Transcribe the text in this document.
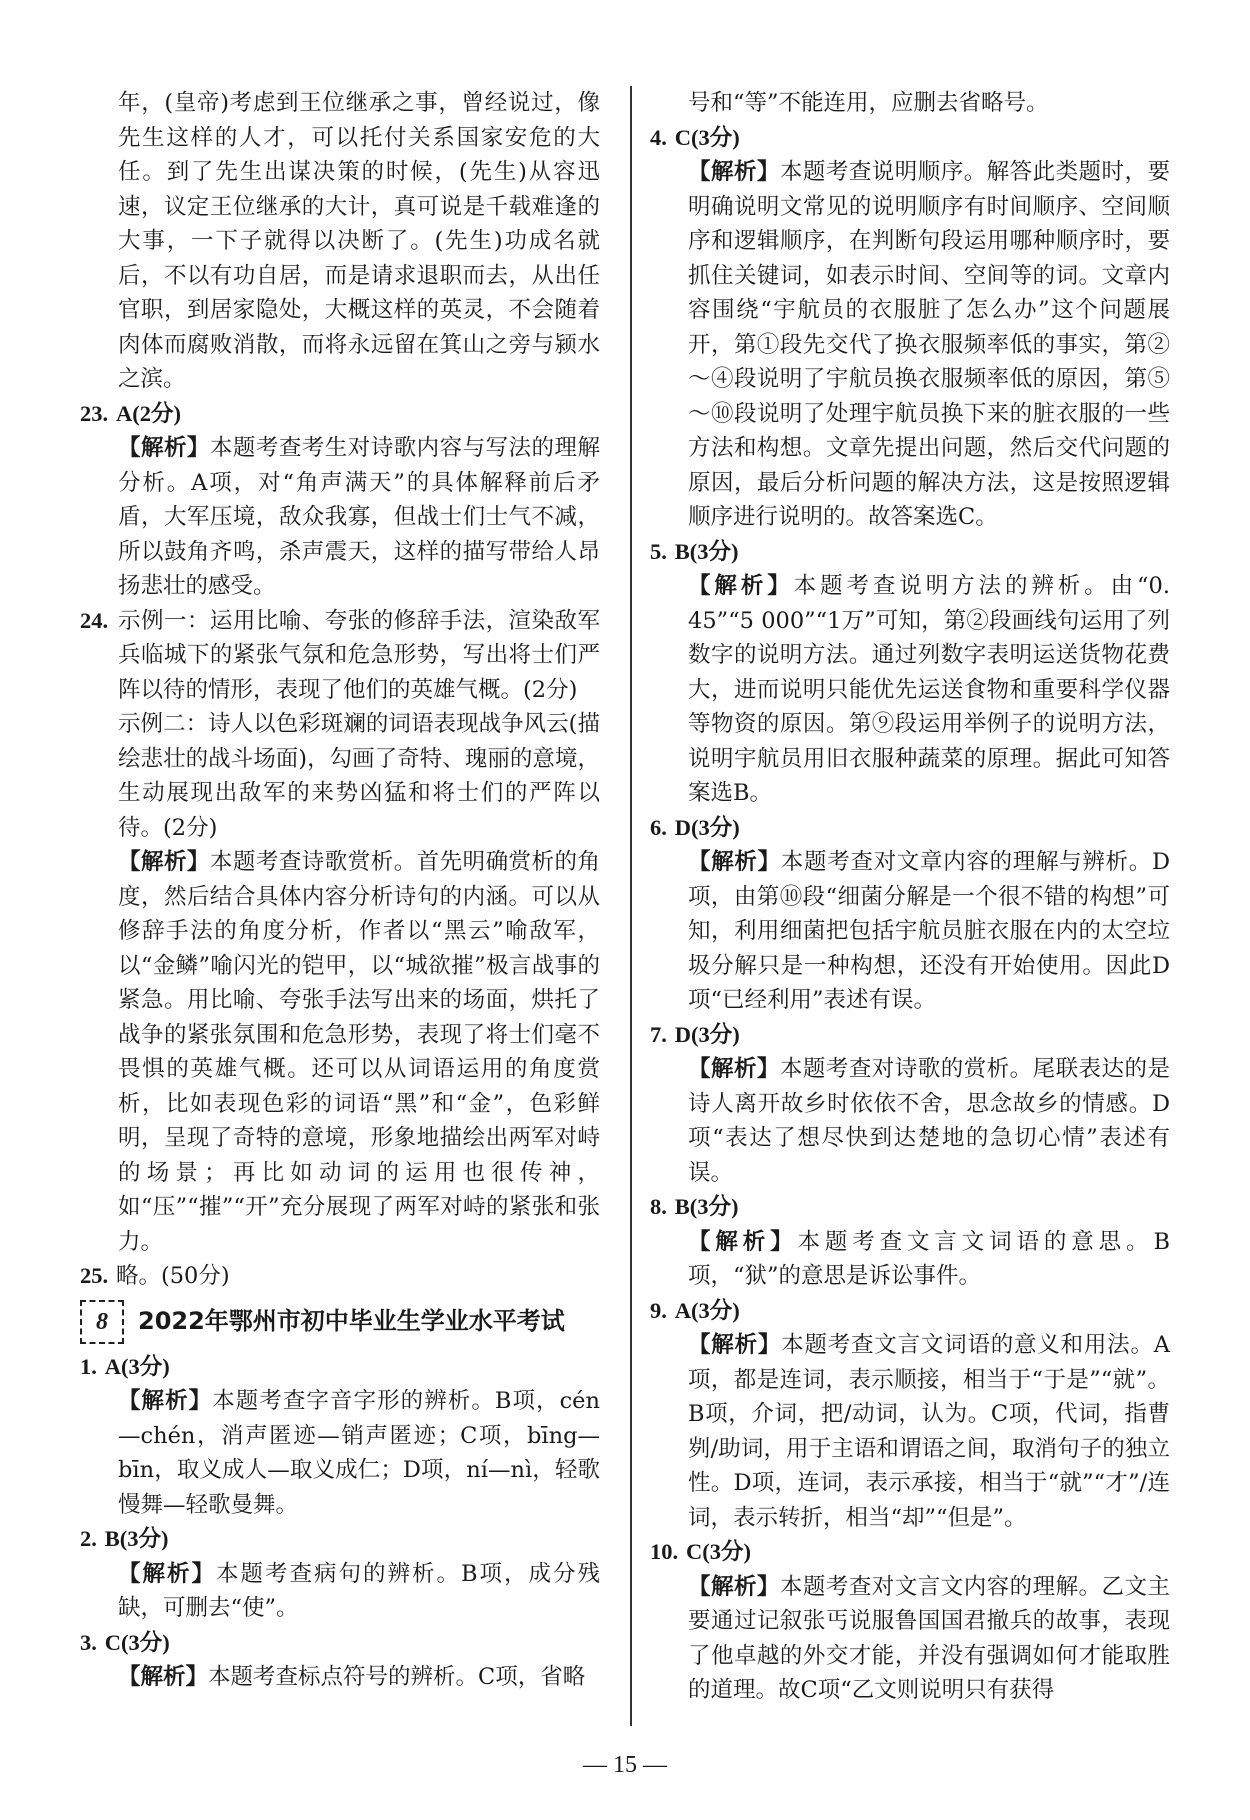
年，(皇帝)考虑到王位继承之事，曾经说过，像先生这样的人才，可以托付关系国家安危的大任。到了先生出谋决策的时候，(先生)从容迅速，议定王位继承的大计，真可说是千载难逢的大事，一下子就得以决断了。(先生)功成名就后，不以有功自居，而是请求退职而去，从出任官职，到居家隐处，大概这样的英灵，不会随着肉体而腐败消散，而将永远留在箕山之旁与颍水之滨。

23. A(2分)

【解析】本题考查考生对诗歌内容与写法的理解分析。A项，对“角声满天”的具体解释前后矛盾，大军压境，敌众我寡，但战士们士气不减，所以鼓角齐鸣，杀声震天，这样的描写带给人昂扬悲壮的感受。

24. 示例一：运用比喻、夸张的修辞手法，渲染敌军兵临城下的紧张气氛和危急形势，写出将士们严阵以待的情形，表现了他们的英雄气概。(2分)

示例二：诗人以色彩斑斓的词语表现战争风云(描绘悲壮的战斗场面)，勾画了奇特、瑰丽的意境，生动展现出敌军的来势凶猛和将士们的严阵以待。(2分)

【解析】本题考查诗歌赏析。首先明确赏析的角度，然后结合具体内容分析诗句的内涵。可以从修辞手法的角度分析，作者以“黑云”喻敌军，以“金鳞”喻闪光的铠甲，以“城欲摧”极言战事的紧急。用比喻、夸张手法写出来的场面，烘托了战争的紧张氛围和危急形势，表现了将士们毫不畏惧的英雄气概。还可以从词语运用的角度赏析，比如表现色彩的词语“黑”和“金”，色彩鲜明，呈现了奇特的意境，形象地描绘出两军对峙的场景；再比如动词的运用也很传神，如“压”“摧”“开”充分展现了两军对峙的紧张和张力。

25. 略。(50分)

8	2022年鄂州市初中毕业生学业水平考试

1. A(3分)

【解析】本题考查字音字形的辨析。B项，cén—chén，消声匿迹—销声匿迹；C项，bīng—bīn，取义成人—取义成仁；D项，ní—nì，轻歌慢舞—轻歌曼舞。

2. B(3分)

【解析】本题考查病句的辨析。B项，成分残缺，可删去“使”。

3. C(3分)

【解析】本题考查标点符号的辨析。C项，省略

号和“等”不能连用，应删去省略号。

4. C(3分)

【解析】本题考查说明顺序。解答此类题时，要明确说明文常见的说明顺序有时间顺序、空间顺序和逻辑顺序，在判断句段运用哪种顺序时，要抓住关键词，如表示时间、空间等的词。文章内容围绕“宇航员的衣服脏了怎么办”这个问题展开，第①段先交代了换衣服频率低的事实，第②～④段说明了宇航员换衣服频率低的原因，第⑤～⑩段说明了处理宇航员换下来的脏衣服的一些方法和构想。文章先提出问题，然后交代问题的原因，最后分析问题的解决方法，这是按照逻辑顺序进行说明的。故答案选C。

5. B(3分)

【解析】本题考查说明方法的辨析。由“0. 45”“5 000”“1万”可知，第②段画线句运用了列数字的说明方法。通过列数字表明运送货物花费大，进而说明只能优先运送食物和重要科学仪器等物资的原因。第⑨段运用举例子的说明方法，说明宇航员用旧衣服种蔬菜的原理。据此可知答案选B。

6. D(3分)

【解析】本题考查对文章内容的理解与辨析。D项，由第⑩段“细菌分解是一个很不错的构想”可知，利用细菌把包括宇航员脏衣服在内的太空垃圾分解只是一种构想，还没有开始使用。因此D项“已经利用”表述有误。

7. D(3分)

【解析】本题考查对诗歌的赏析。尾联表达的是诗人离开故乡时依依不舍，思念故乡的情感。D项“表达了想尽快到达楚地的急切心情”表述有误。

8. B(3分)

【解析】本题考查文言文词语的意思。B项，“狱”的意思是诉讼事件。

9. A(3分)

【解析】本题考查文言文词语的意义和用法。A项，都是连词，表示顺接，相当于“于是”“就”。B项，介词，把/动词，认为。C项，代词，指曹刿/助词，用于主语和谓语之间，取消句子的独立性。D项，连词，表示承接，相当于“就”“才”/连词，表示转折，相当“却”“但是”。

10. C(3分)

【解析】本题考查对文言文内容的理解。乙文主要通过记叙张丐说服鲁国国君撤兵的故事，表现了他卓越的外交才能，并没有强调如何才能取胜的道理。故C项“乙文则说明只有获得

— 15 —
